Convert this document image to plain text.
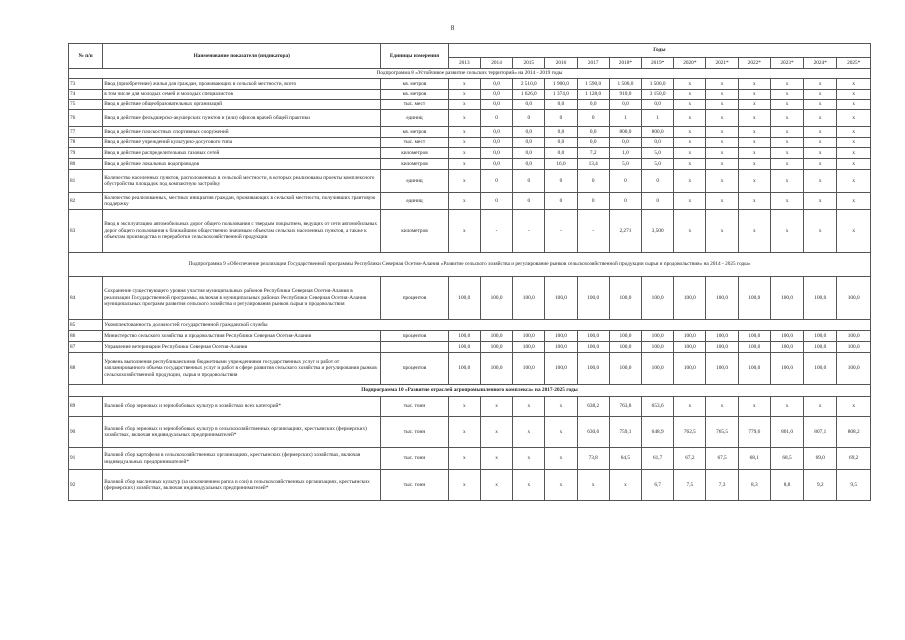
8
№ п/п	Наименование показателя (индикатора)	Единицы измерения	Годы												
			2013	2014	2015	2016	2017	2018*	2019*	2020*	2021*	2022*	2023*	2024*	2025*
Подпрограмма 8 «Устойчивое развитие сельских территорий» на 2014 - 2019 годы															
73	Ввод (приобретение) жилья для граждан, проживающих в сельской местности, всего	кв. метров	х	0,0	2 510,0	1 900,0	1 590,0	1 500,0	1 500,0	х	х	х	х	х	х
74	в том числе для молодых семей и молодых специалистов	кв. метров	х	0,0	1 626,0	1 374,0	1 128,0	910,0	3 150,0	х	х	х	х	х	х
75	Ввод в действие общеобразовательных организаций	тыс. мест	х	0,0	0,0	0,0	0,0	0,0	0,0	х	х	х	х	х	х
76	Ввод в действие фельдшерско-акушерских пунктов и (или) офисов врачей общей практики	единиц	х	0	0	0	0	1	1	х	х	х	х	х	х
77	Ввод в действие плоскостных спортивных сооружений	кв. метров	х	0,0	0,0	0,0	0,0	800,0	800,0	х	х	х	х	х	х
78	Ввод в действие учреждений культурно-досугового типа	тыс. мест	х	0,0	0,0	0,0	0,0	0,0	0,0	х	х	х	х	х	х
79	Ввод в действие распределительных газовых сетей	километров	х	0,0	0,0	0,0	7,2	1,0	5,0	х	х	х	х	х	х
80	Ввод в действие локальных водопроводов	километров	х	0,0	0,0	16,0	13,4	5,0	5,0	х	х	х	х	х	х
81	Количество населенных пунктов, расположенных в сельской местности, в которых реализованы проекты комплексного обустройства площадок под компактную застройку	единиц	х	0	0	0	0	0	0	х	х	х	х	х	х
82	Количество реализованных, местных инициатив граждан, проживающих в сельской местности, получивших грантовую поддержку	единиц	х	0	0	0	0	0	0	х	х	х	х	х	х
83	Ввод в эксплуатацию автомобильных дорог общего пользования с твердым покрытием, ведущих от сети автомобильных дорог общего пользования к ближайшим общественно значимым объектам сельских населенных пунктов, а также к объектам производства и переработки сельскохозяйственной продукции	километров	х	-	-	-	-	2,271	3,500	х	х	х	х	х	х
Подпрограмма 9 «Обеспечение реализации Государственной программы Республики Северная Осетия-Алания «Развитие сельского хозяйства и регулирование рынков сельскохозяйственной продукции сырья и продовольствия» на 2014 - 2025 годы»															
84	Сохранение существующего уровня участия муниципальных районов Республики Северная Осетия-Алания в реализации Государственной программы, включая в муниципальных районах Республики Северная Осетия-Алания муниципальных программ развития сельского хозяйства и регулирования рынков сырья и продовольствия	процентов	100,0	100,0	100,0	100,0	100,0	100,0	100,0	100,0	100,0	100,0	100,0	100,0	100,0
85	Укомплектованность должностей государственной гражданской службы														
86	Министерство сельского хозяйства и продовольствия Республики Северная Осетия-Алания	процентов	100,0	100,0	100,0	100,0	100,0	100,0	100,0	100,0	100,0	100,0	100,0	100,0	100,0
87	Управление ветеринарии Республики Северная Осетия-Алания		100,0	100,0	100,0	100,0	100,0	100,0	100,0	100,0	100,0	100,0	100,0	100,0	100,0
88	Уровень выполнения республиканскими бюджетными учреждениями государственных услуг и работ от запланированного объема государственных услуг и работ в сфере развития сельского хозяйства и регулирования рынков сельскохозяйственной продукции, сырья и продовольствия	процентов	100,0	100,0	100,0	100,0	100,0	100,0	100,0	100,0	100,0	100,0	100,0	100,0	100,0
Подпрограмма 10 «Развитие отраслей агропромышленного комплекса» на 2017-2025 годы															
89	Валовой сбор зерновых и зернобобовых культур в хозяйствах всех категорий*	тыс. тонн	х	х	х	х	638,2	763,8	653,6	х	х	х	х	х	х
90	Валовой сбор зерновых и зернобобовых культур в сельскохозяйственных организациях, крестьянских (фермерских) хозяйствах, включая индивидуальных предпринимателей*	тыс. тонн	х	х	х	х	630,6	759,1	648,9	762,5	765,5	779,6	801,0	807,1	808,2
91	Валовой сбор картофеля в сельскохозяйственных организациях, крестьянских (фермерских) хозяйствах, включая индивидуальных предпринимателей*	тыс. тонн	х	х	х	х	73,8	64,5	61,7	67,2	67,5	68,1	68,5	69,0	69,2
92	Валовой сбор масличных культур (за исключением рапса и сои) в сельскохозяйственных организациях, крестьянских (фермерских) хозяйствах, включая индивидуальных предпринимателей*	тыс. тонн	х	х	х	х	х	х	6,7	7,5	7,3	8,3	8,8	9,2	9,5
